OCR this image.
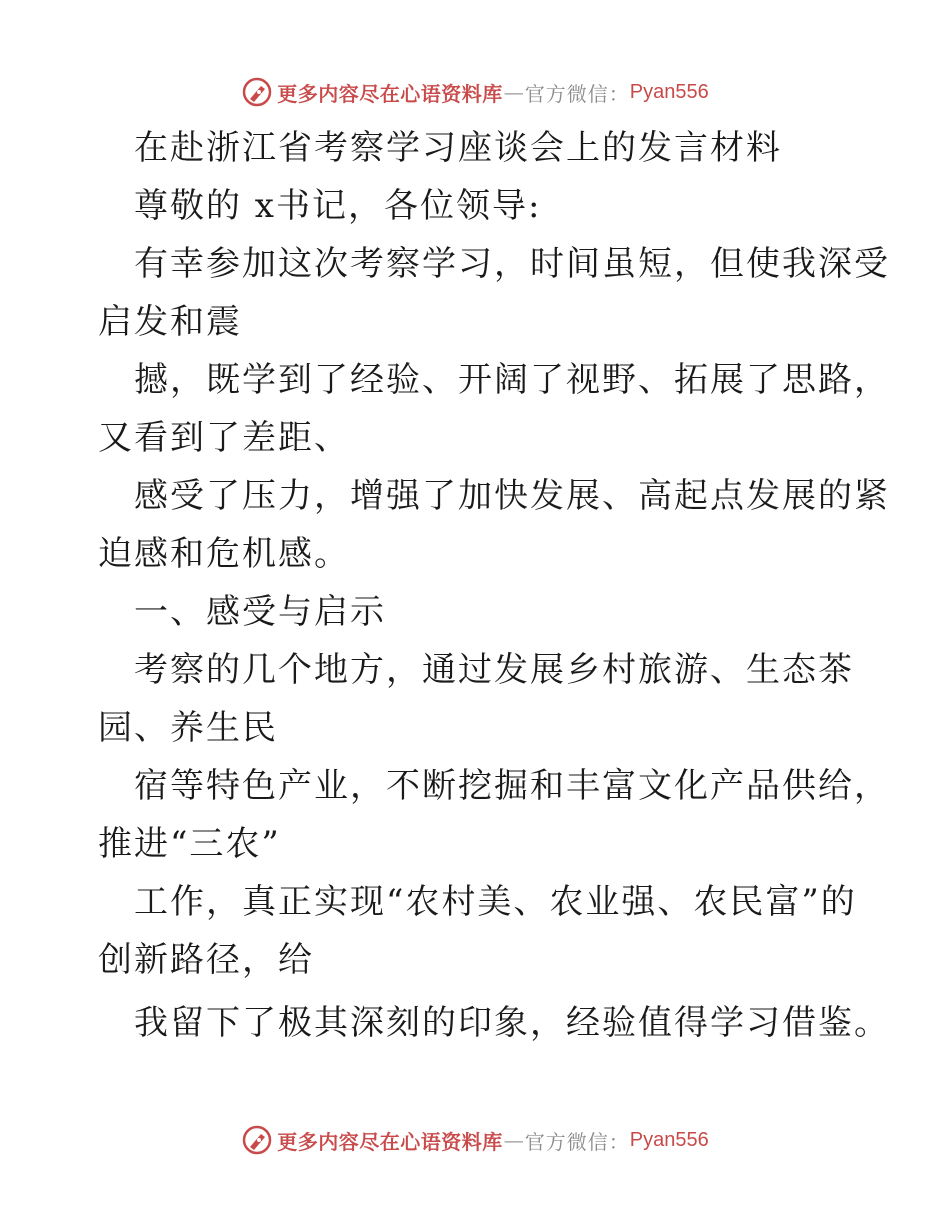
更多内容尽在心语资料库 — 官方微信： Pyan556
在赴浙江省考察学习座谈会上的发言材料
尊敬的 x书记，各位领导:
有幸参加这次考察学习，时间虽短，但使我深受
启发和震
撼，既学到了经验、开阔了视野、拓展了思路，
又看到了差距、
感受了压力，增强了加快发展、高起点发展的紧
迫感和危机感。
一、感受与启示
考察的几个地方，通过发展乡村旅游、生态茶
园、养生民
宿等特色产业，不断挖掘和丰富文化产品供给，
推进“三农”
工作，真正实现“农村美、农业强、农民富”的
创新路径，给
我留下了极其深刻的印象，经验值得学习借鉴。
更多内容尽在心语资料库 — 官方微信： Pyan556
